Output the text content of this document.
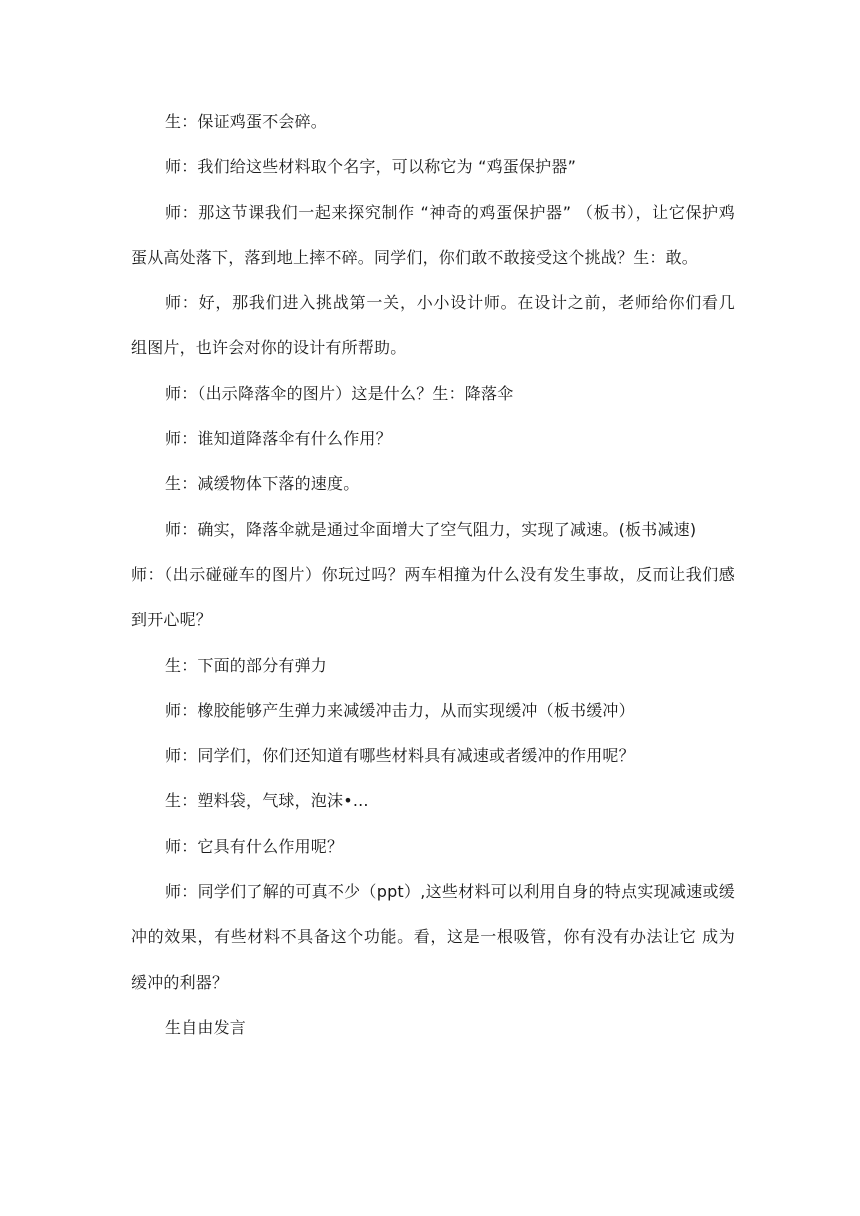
生：保证鸡蛋不会碎。

师：我们给这些材料取个名字，可以称它为 “鸡蛋保护器”

师：那这节课我们一起来探究制作 “神奇的鸡蛋保护器” （板书），让它保护鸡 蛋从高处落下，落到地上摔不碎。同学们，你们敢不敢接受这个挑战？生：敢。

师：好，那我们进入挑战第一关，小小设计师。在设计之前，老师给你们看几 组图片，也许会对你的设计有所帮助。

师：（出示降落伞的图片）这是什么？生：降落伞

师：谁知道降落伞有什么作用？

生：减缓物体下落的速度。

师：确实，降落伞就是通过伞面增大了空气阻力，实现了减速。(板书减速)

师：（出示碰碰车的图片）你玩过吗？两车相撞为什么没有发生事故，反而让我们感到开心呢？

生：下面的部分有弹力

师：橡胶能够产生弹力来减缓冲击力，从而实现缓冲（板书缓冲）

师：同学们，你们还知道有哪些材料具有减速或者缓冲的作用呢？

生：塑料袋，气球，泡沫•...

师：它具有什么作用呢？

师：同学们了解的可真不少（ppt）,这些材料可以利用自身的特点实现减速或缓冲的效果，有些材料不具备这个功能。看，这是一根吸管，你有没有办法让它 成为缓冲的利器？

生自由发言
